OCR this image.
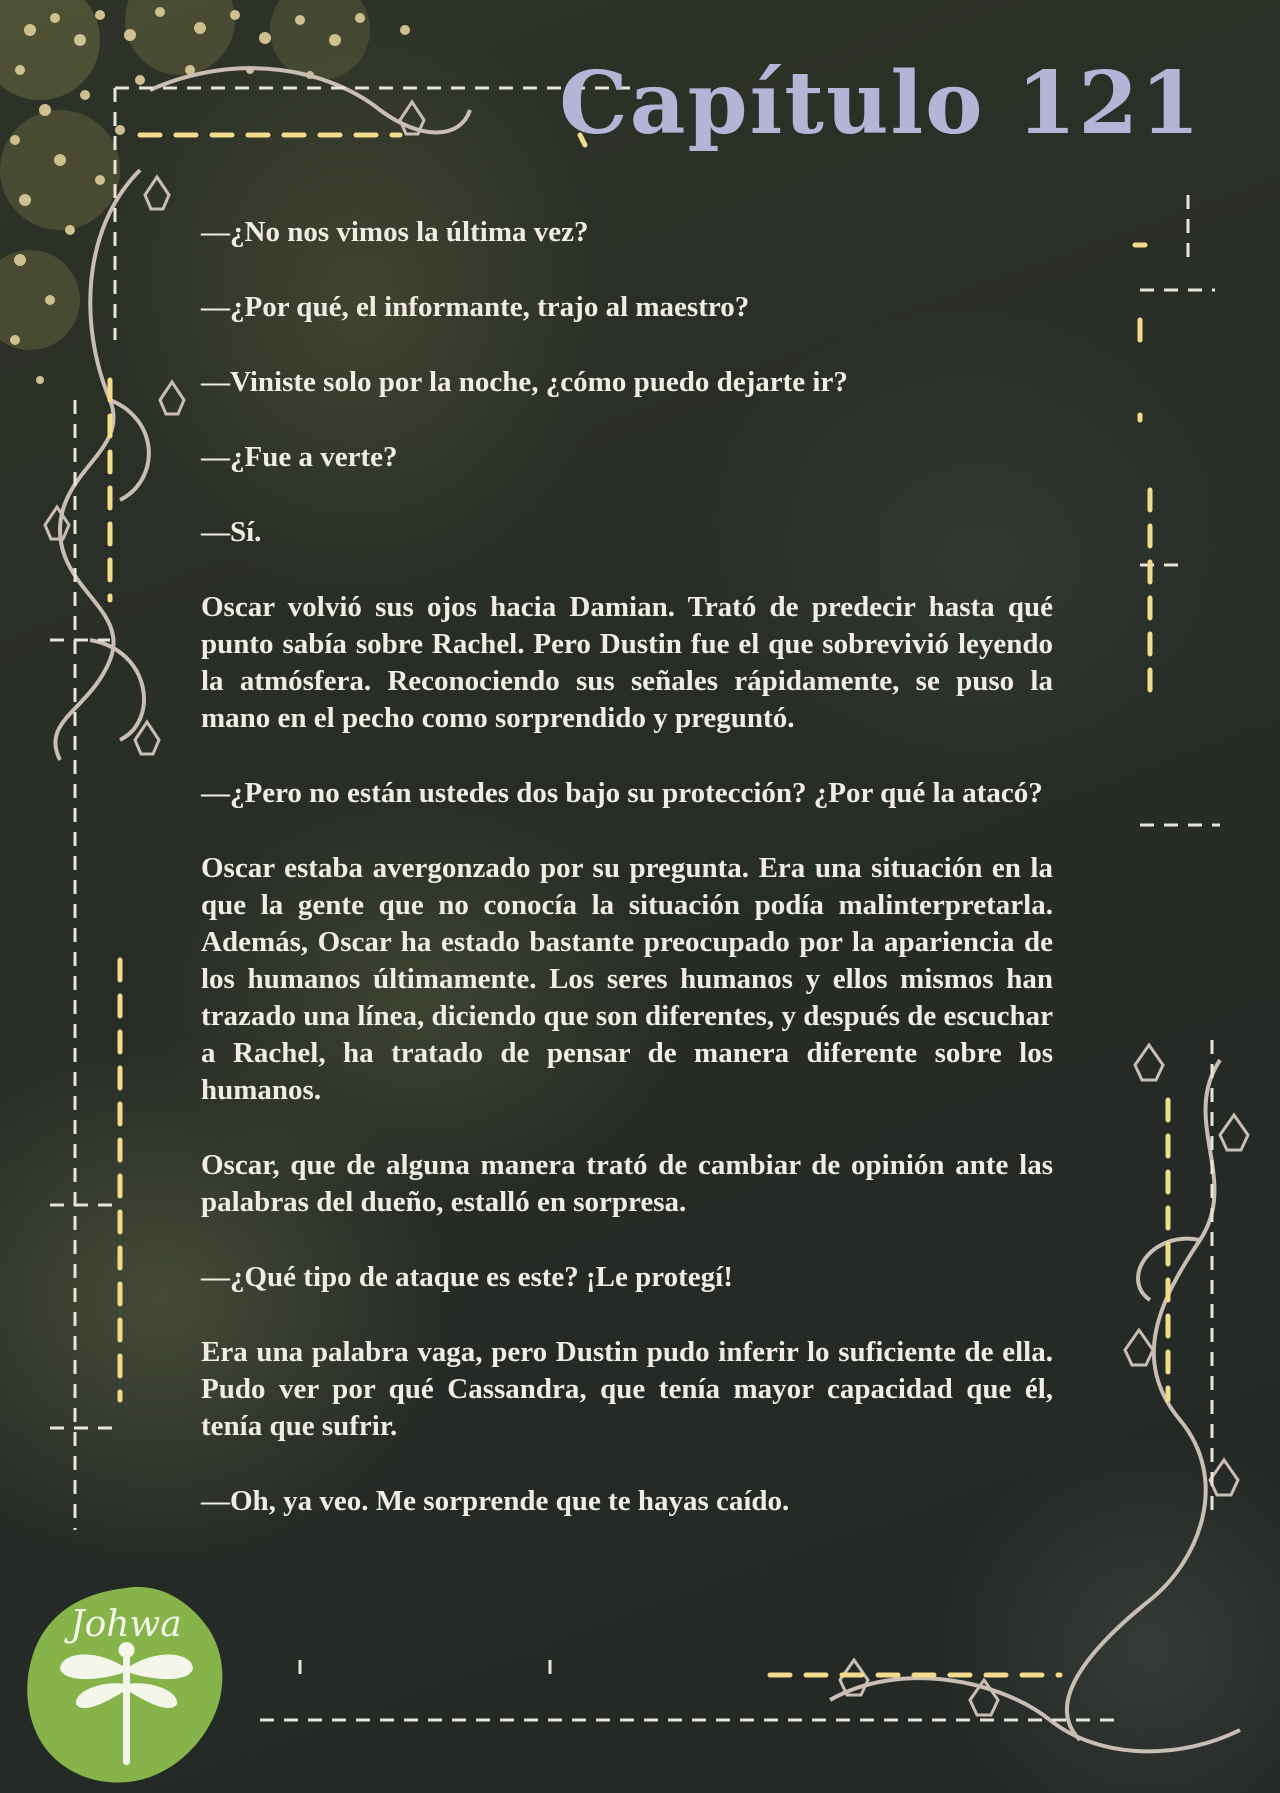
Capítulo 121

—¿No nos vimos la última vez?

—¿Por qué, el informante, trajo al maestro?

—Viniste solo por la noche, ¿cómo puedo dejarte ir?

—¿Fue a verte?

—Sí.

Oscar volvió sus ojos hacia Damian. Trató de predecir hasta qué punto sabía sobre Rachel. Pero Dustin fue el que sobrevivió leyendo la atmósfera. Reconociendo sus señales rápidamente, se puso la mano en el pecho como sorprendido y preguntó.

—¿Pero no están ustedes dos bajo su protección? ¿Por qué la atacó?

Oscar estaba avergonzado por su pregunta. Era una situación en la que la gente que no conocía la situación podía malinterpretarla. Además, Oscar ha estado bastante preocupado por la apariencia de los humanos últimamente. Los seres humanos y ellos mismos han trazado una línea, diciendo que son diferentes, y después de escuchar a Rachel, ha tratado de pensar de manera diferente sobre los humanos.

Oscar, que de alguna manera trató de cambiar de opinión ante las palabras del dueño, estalló en sorpresa.

—¿Qué tipo de ataque es este? ¡Le protegí!

Era una palabra vaga, pero Dustin pudo inferir lo suficiente de ella. Pudo ver por qué Cassandra, que tenía mayor capacidad que él, tenía que sufrir.

—Oh, ya veo. Me sorprende que te hayas caído.

Johwa
